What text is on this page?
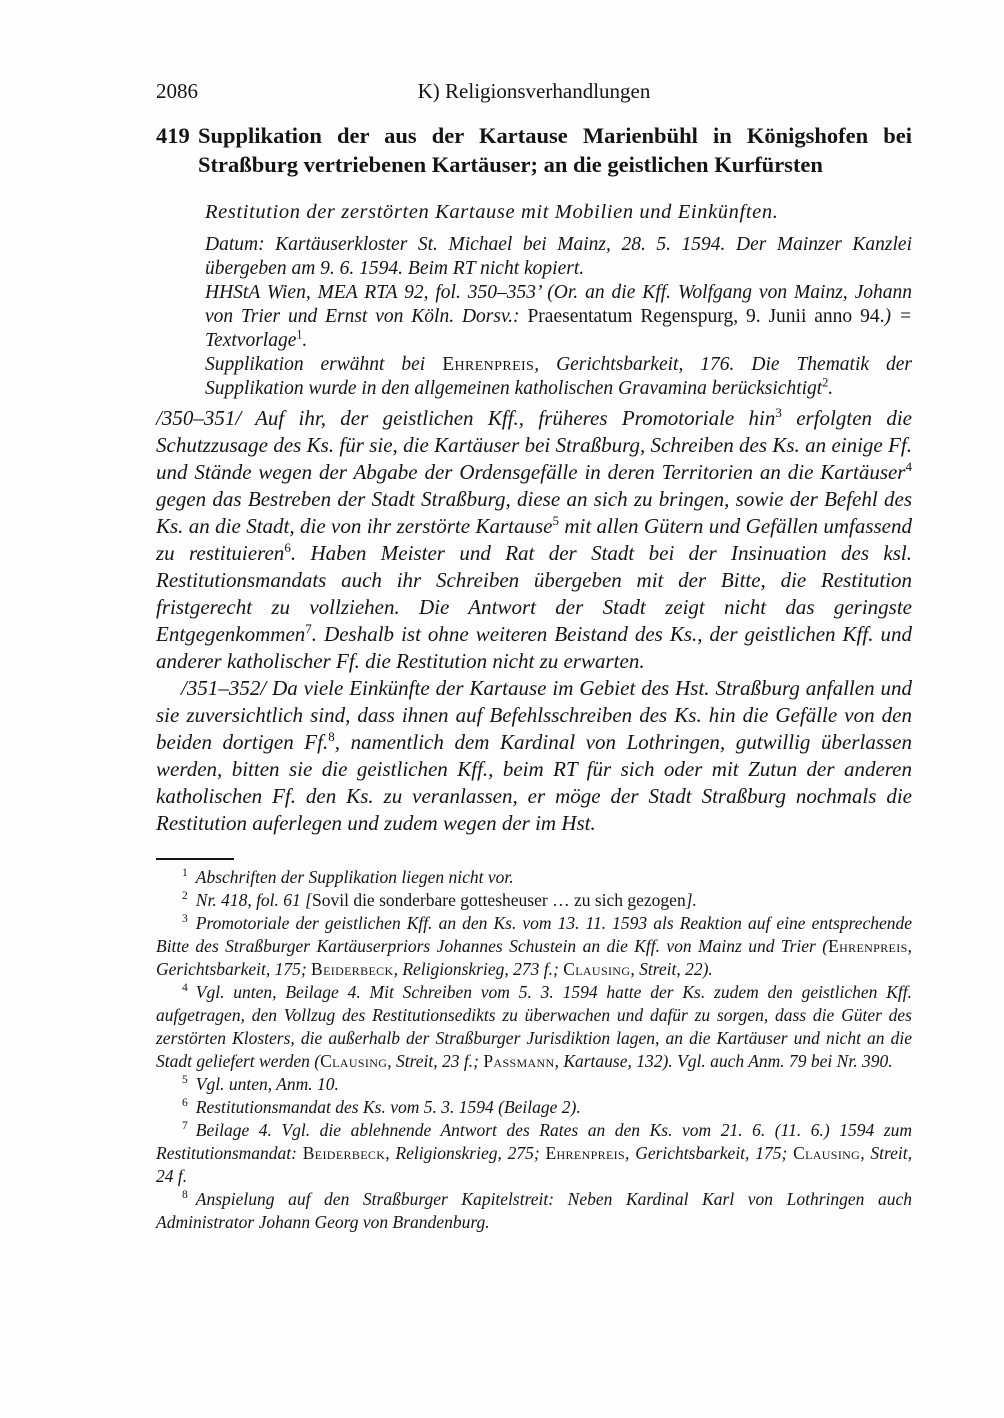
2086	K) Religionsverhandlungen
419 Supplikation der aus der Kartause Marienbühl in Königshofen bei Straßburg vertriebenen Kartäuser; an die geistlichen Kurfürsten

Restitution der zerstörten Kartause mit Mobilien und Einkünften.

Datum: Kartäuserkloster St. Michael bei Mainz, 28. 5. 1594. Der Mainzer Kanzlei übergeben am 9. 6. 1594. Beim RT nicht kopiert.

HHStA Wien, MEA RTA 92, fol. 350–353’ (Or. an die Kff. Wolfgang von Mainz, Johann von Trier und Ernst von Köln. Dorsv.: Praesentatum Regenspurg, 9. Junii anno 94.) = Textvorlage$^1$.

Supplikation erwähnt bei Ehrenpreis, Gerichtsbarkeit, 176. Die Thematik der Supplikation wurde in den allgemeinen katholischen Gravamina berücksichtigt$^2$.

/350–351/ Auf ihr, der geistlichen Kff., früheres Promotoriale hin$^3$ erfolgten die Schutzzusage des Ks. für sie, die Kartäuser bei Straßburg, Schreiben des Ks. an einige Ff. und Stände wegen der Abgabe der Ordensgefälle in deren Territorien an die Kartäuser$^4$ gegen das Bestreben der Stadt Straßburg, diese an sich zu bringen, sowie der Befehl des Ks. an die Stadt, die von ihr zerstörte Kartause$^5$ mit allen Gütern und Gefällen umfassend zu restituieren$^6$. Haben Meister und Rat der Stadt bei der Insinuation des ksl. Restitutionsmandats auch ihr Schreiben übergeben mit der Bitte, die Restitution fristgerecht zu vollziehen. Die Antwort der Stadt zeigt nicht das geringste Entgegenkommen$^7$. Deshalb ist ohne weiteren Beistand des Ks., der geistlichen Kff. und anderer katholischer Ff. die Restitution nicht zu erwarten.

/351–352/ Da viele Einkünfte der Kartause im Gebiet des Hst. Straßburg anfallen und sie zuversichtlich sind, dass ihnen auf Befehlsschreiben des Ks. hin die Gefälle von den beiden dortigen Ff.$^8$, namentlich dem Kardinal von Lothringen, gutwillig überlassen werden, bitten sie die geistlichen Kff., beim RT für sich oder mit Zutun der anderen katholischen Ff. den Ks. zu veranlassen, er möge der Stadt Straßburg nochmals die Restitution auferlegen und zudem wegen der im Hst.

$^1$ Abschriften der Supplikation liegen nicht vor.
$^2$ Nr. 418, fol. 61 [Sovil die sonderbare gottesheuser … zu sich gezogen].
$^3$ Promotoriale der geistlichen Kff. an den Ks. vom 13. 11. 1593 als Reaktion auf eine entsprechende Bitte des Straßburger Kartäuserpriors Johannes Schustein an die Kff. von Mainz und Trier (Ehrenpreis, Gerichtsbarkeit, 175; Beiderbeck, Religionskrieg, 273 f.; Clausing, Streit, 22).
$^4$ Vgl. unten, Beilage 4. Mit Schreiben vom 5. 3. 1594 hatte der Ks. zudem den geistlichen Kff. aufgetragen, den Vollzug des Restitutionsedikts zu überwachen und dafür zu sorgen, dass die Güter des zerstörten Klosters, die außerhalb der Straßburger Jurisdiktion lagen, an die Kartäuser und nicht an die Stadt geliefert werden (Clausing, Streit, 23 f.; Passmann, Kartause, 132). Vgl. auch Anm. 79 bei Nr. 390.
$^5$ Vgl. unten, Anm. 10.
$^6$ Restitutionsmandat des Ks. vom 5. 3. 1594 (Beilage 2).
$^7$ Beilage 4. Vgl. die ablehnende Antwort des Rates an den Ks. vom 21. 6. (11. 6.) 1594 zum Restitutionsmandat: Beiderbeck, Religionskrieg, 275; Ehrenpreis, Gerichtsbarkeit, 175; Clausing, Streit, 24 f.
$^8$ Anspielung auf den Straßburger Kapitelstreit: Neben Kardinal Karl von Lothringen auch Administrator Johann Georg von Brandenburg.
